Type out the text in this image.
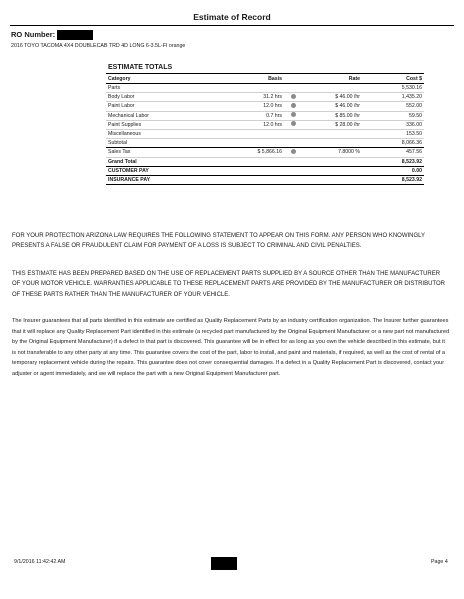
Estimate of Record
RO Number:
2016 TOYO TACOMA 4X4 DOUBLECAB TRD 4D LONG 6-3.5L-FI orange
ESTIMATE TOTALS
Category	Basis		Rate	Cost $
Parts				5,530.16
Body Labor	31.2 hrs		$ 46.00 /hr	1,435.20
Paint Labor	12.0 hrs		$ 46.00 /hr	552.00
Mechanical Labor	0.7 hrs		$ 85.00 /hr	59.50
Paint Supplies	12.0 hrs		$ 28.00 /hr	336.00
Miscellaneous				153.50
Subtotal				8,066.36
Sales Tax	$ 5,866.16		7.8000 %	457.56
Grand Total				8,523.92
CUSTOMER PAY				0.00
INSURANCE PAY				8,523.92

FOR YOUR PROTECTION ARIZONA LAW REQUIRES THE FOLLOWING STATEMENT TO APPEAR ON THIS FORM. ANY PERSON WHO KNOWINGLY PRESENTS A FALSE OR FRAUDULENT CLAIM FOR PAYMENT OF A LOSS IS SUBJECT TO CRIMINAL AND CIVIL PENALTIES.

THIS ESTIMATE HAS BEEN PREPARED BASED ON THE USE OF REPLACEMENT PARTS SUPPLIED BY A SOURCE OTHER THAN THE MANUFACTURER OF YOUR MOTOR VEHICLE. WARRANTIES APPLICABLE TO THESE REPLACEMENT PARTS ARE PROVIDED BY THE MANUFACTURER OR DISTRIBUTOR OF THESE PARTS RATHER THAN THE MANUFACTURER OF YOUR VEHICLE.

The Insurer guarantees that all parts identified in this estimate are certified as Quality Replacement Parts by an industry certification organization. The Insurer further guarantees that it will replace any Quality Replacement Part identified in this estimate (a recycled part manufactured by the Original Equipment Manufacturer or a new part not manufactured by the Original Equipment Manufacturer) if a defect in that part is discovered. This guarantee will be in effect for as long as you own the vehicle described in this estimate, but it is not transferable to any other party at any time. This guarantee covers the cost of the part, labor to install, and paint and materials, if required, as well as the cost of rental of a temporary replacement vehicle during the repairs. This guarantee does not cover consequential damages. If a defect in a Quality Replacement Part is discovered, contact your adjuster or agent immediately, and we will replace the part with a new Original Equipment Manufacturer part.

9/1/2016 11:42:42 AM	Page 4
